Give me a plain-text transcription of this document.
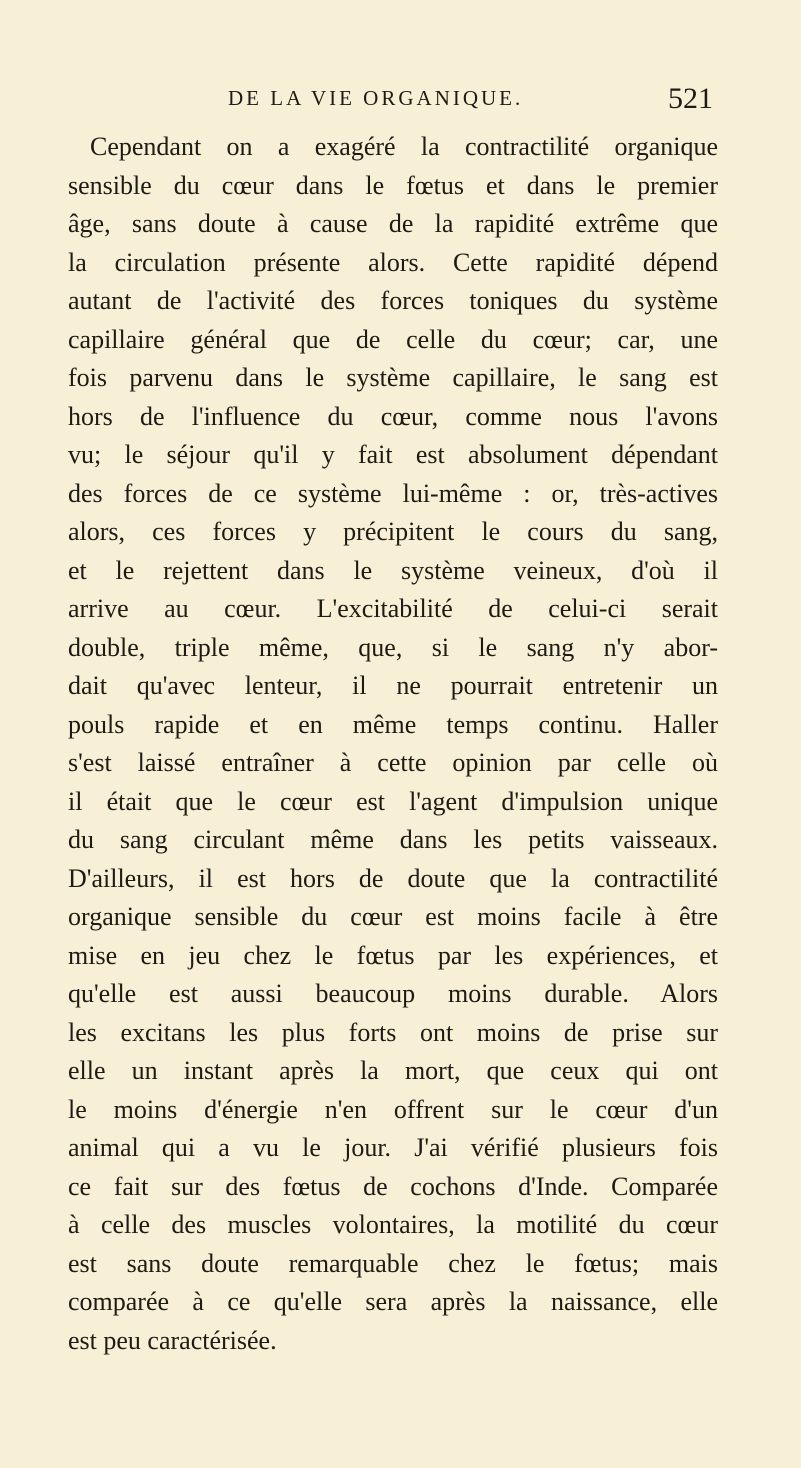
DE LA VIE ORGANIQUE.	521
Cependant on a exagéré la contractilité organique
sensible du cœur dans le fœtus et dans le premier
âge, sans doute à cause de la rapidité extrême que
la circulation présente alors. Cette rapidité dépend
autant de l'activité des forces toniques du système
capillaire général que de celle du cœur; car, une
fois parvenu dans le système capillaire, le sang est
hors de l'influence du cœur, comme nous l'avons
vu; le séjour qu'il y fait est absolument dépendant
des forces de ce système lui-même : or, très-actives
alors, ces forces y précipitent le cours du sang,
et le rejettent dans le système veineux, d'où il
arrive au cœur. L'excitabilité de celui-ci serait
double, triple même, que, si le sang n'y abor-
dait qu'avec lenteur, il ne pourrait entretenir un
pouls rapide et en même temps continu. Haller
s'est laissé entraîner à cette opinion par celle où
il était que le cœur est l'agent d'impulsion unique
du sang circulant même dans les petits vaisseaux.
D'ailleurs, il est hors de doute que la contractilité
organique sensible du cœur est moins facile à être
mise en jeu chez le fœtus par les expériences, et
qu'elle est aussi beaucoup moins durable. Alors
les excitans les plus forts ont moins de prise sur
elle un instant après la mort, que ceux qui ont
le moins d'énergie n'en offrent sur le cœur d'un
animal qui a vu le jour. J'ai vérifié plusieurs fois
ce fait sur des fœtus de cochons d'Inde. Comparée
à celle des muscles volontaires, la motilité du cœur
est sans doute remarquable chez le fœtus; mais
comparée à ce qu'elle sera après la naissance, elle
est peu caractérisée.
